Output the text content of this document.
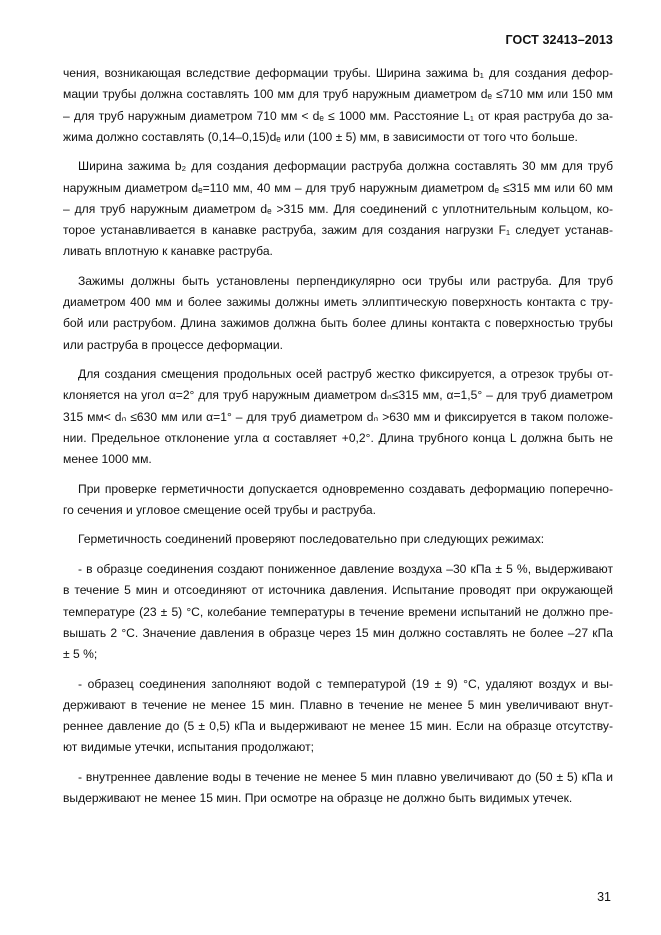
ГОСТ 32413–2013

чения, возникающая вследствие деформации трубы. Ширина зажима b₁ для создания дефор-
мации трубы должна составлять 100 мм для труб наружным диаметром dₑ ≤710 мм или 150 мм
– для труб наружным диаметром 710 мм < dₑ ≤ 1000 мм. Расстояние L₁ от края раструба до за-
жима должно составлять (0,14–0,15)dₑ или (100 ± 5) мм, в зависимости от того что больше.

Ширина зажима b₂ для создания деформации раструба должна составлять 30 мм для труб
наружным диаметром dₑ=110 мм, 40 мм – для труб наружным диаметром dₑ ≤315 мм или 60 мм
– для труб наружным диаметром dₑ >315 мм. Для соединений с уплотнительным кольцом, ко-
торое устанавливается в канавке раструба, зажим для создания нагрузки F₁ следует устанав-
ливать вплотную к канавке раструба.

Зажимы должны быть установлены перпендикулярно оси трубы или раструба. Для труб
диаметром 400 мм и более зажимы должны иметь эллиптическую поверхность контакта с тру-
бой или раструбом. Длина зажимов должна быть более длины контакта с поверхностью трубы
или раструба в процессе деформации.

Для создания смещения продольных осей раструб жестко фиксируется, а отрезок трубы от-
клоняется на угол α=2° для труб наружным диаметром dₙ≤315 мм, α=1,5° – для труб диаметром
315 мм< dₙ ≤630 мм или α=1° – для труб диаметром dₙ >630 мм и фиксируется в таком положе-
нии. Предельное отклонение угла α составляет +0,2°. Длина трубного конца L должна быть не
менее 1000 мм.

При проверке герметичности допускается одновременно создавать деформацию поперечно-
го сечения и угловое смещение осей трубы и раструба.

Герметичность соединений проверяют последовательно при следующих режимах:

- в образце соединения создают пониженное давление воздуха –30 кПа ± 5 %, выдерживают
в течение 5 мин и отсоединяют от источника давления. Испытание проводят при окружающей
температуре (23 ± 5) °С, колебание температуры в течение времени испытаний не должно пре-
вышать 2 °С. Значение давления в образце через 15 мин должно составлять не более –27 кПа
± 5 %;

- образец соединения заполняют водой с температурой (19 ± 9) °С, удаляют воздух и вы-
держивают в течение не менее 15 мин. Плавно в течение не менее 5 мин увеличивают внут-
реннее давление до (5 ± 0,5) кПа и выдерживают не менее 15 мин. Если на образце отсутству-
ют видимые утечки, испытания продолжают;

- внутреннее давление воды в течение не менее 5 мин плавно увеличивают до (50 ± 5) кПа и
выдерживают не менее 15 мин. При осмотре на образце не должно быть видимых утечек.

31
